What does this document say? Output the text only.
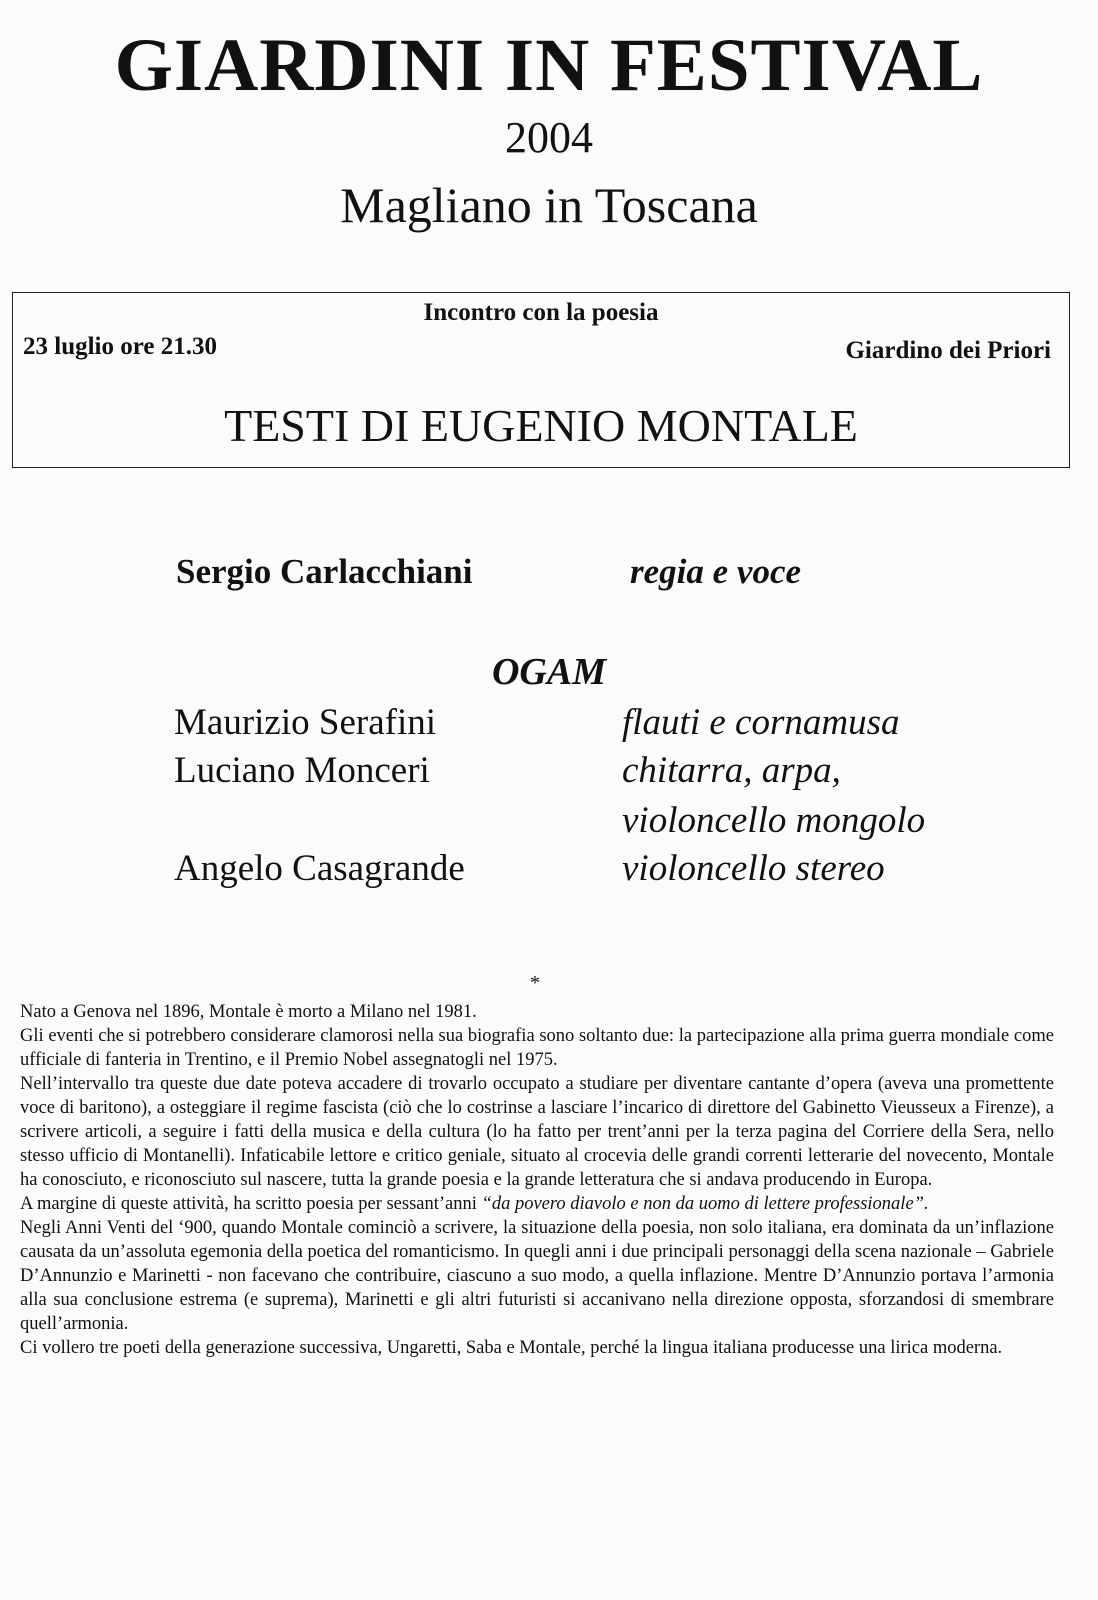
GIARDINI IN FESTIVAL
2004
Magliano in Toscana
Incontro con la poesia
23 luglio ore 21.30	Giardino dei Priori
TESTI DI EUGENIO MONTALE
Sergio Carlacchiani	regia e voce
OGAM
Maurizio Serafini	flauti e cornamusa
Luciano Monceri	chitarra, arpa,
violoncello mongolo
Angelo Casagrande	violoncello stereo
*

Nato a Genova nel 1896, Montale è morto a Milano nel 1981.

Gli eventi che si potrebbero considerare clamorosi nella sua biografia sono soltanto due: la partecipazione alla prima guerra mondiale come ufficiale di fanteria in Trentino, e il Premio Nobel assegnatogli nel 1975.

Nell’intervallo tra queste due date poteva accadere di trovarlo occupato a studiare per diventare cantante d’opera (aveva una promettente voce di baritono), a osteggiare il regime fascista (ciò che lo costrinse a lasciare l’incarico di direttore del Gabinetto Vieusseux a Firenze), a scrivere articoli, a seguire i fatti della musica e della cultura (lo ha fatto per trent’anni per la terza pagina del Corriere della Sera, nello stesso ufficio di Montanelli). Infaticabile lettore e critico geniale, situato al crocevia delle grandi correnti letterarie del novecento, Montale ha conosciuto, e riconosciuto sul nascere, tutta la grande poesia e la grande letteratura che si andava producendo in Europa.

A margine di queste attività, ha scritto poesia per sessant’anni “da povero diavolo e non da uomo di lettere professionale”.

Negli Anni Venti del ‘900, quando Montale cominciò a scrivere, la situazione della poesia, non solo italiana, era dominata da un’inflazione causata da un’assoluta egemonia della poetica del romanticismo. In quegli anni i due principali personaggi della scena nazionale – Gabriele D’Annunzio e Marinetti - non facevano che contribuire, ciascuno a suo modo, a quella inflazione. Mentre D’Annunzio portava l’armonia alla sua conclusione estrema (e suprema), Marinetti e gli altri futuristi si accanivano nella direzione opposta, sforzandosi di smembrare quell’armonia.

Ci vollero tre poeti della generazione successiva, Ungaretti, Saba e Montale, perché la lingua italiana producesse una lirica moderna.
